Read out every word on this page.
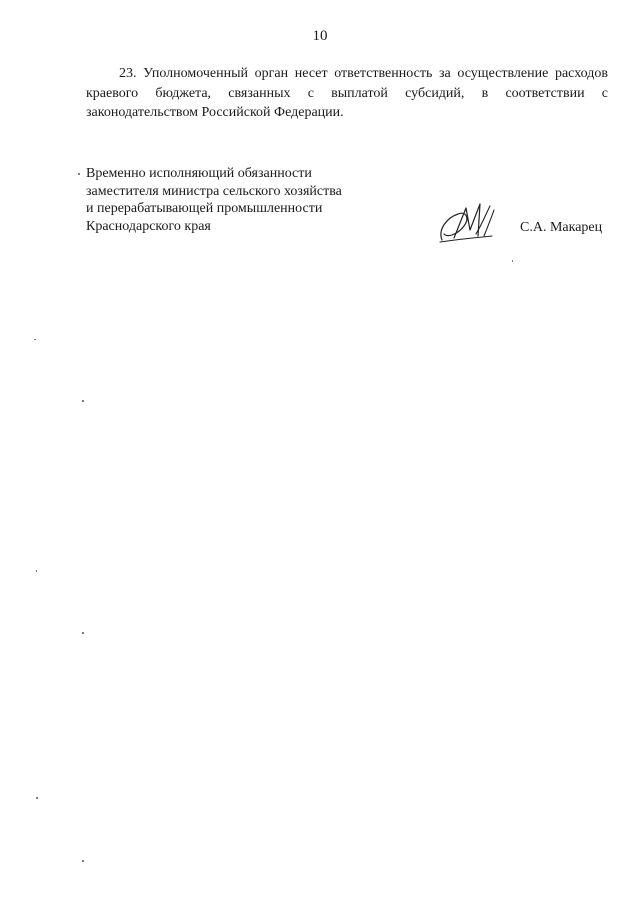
10

23. Уполномоченный орган несет ответственность за осуществление расходов краевого бюджета, связанных с выплатой субсидий, в соответствии с законодательством Российской Федерации.

Временно исполняющий обязанности
заместителя министра сельского хозяйства
и перерабатывающей промышленности
Краснодарского края	С.А. Макарец
